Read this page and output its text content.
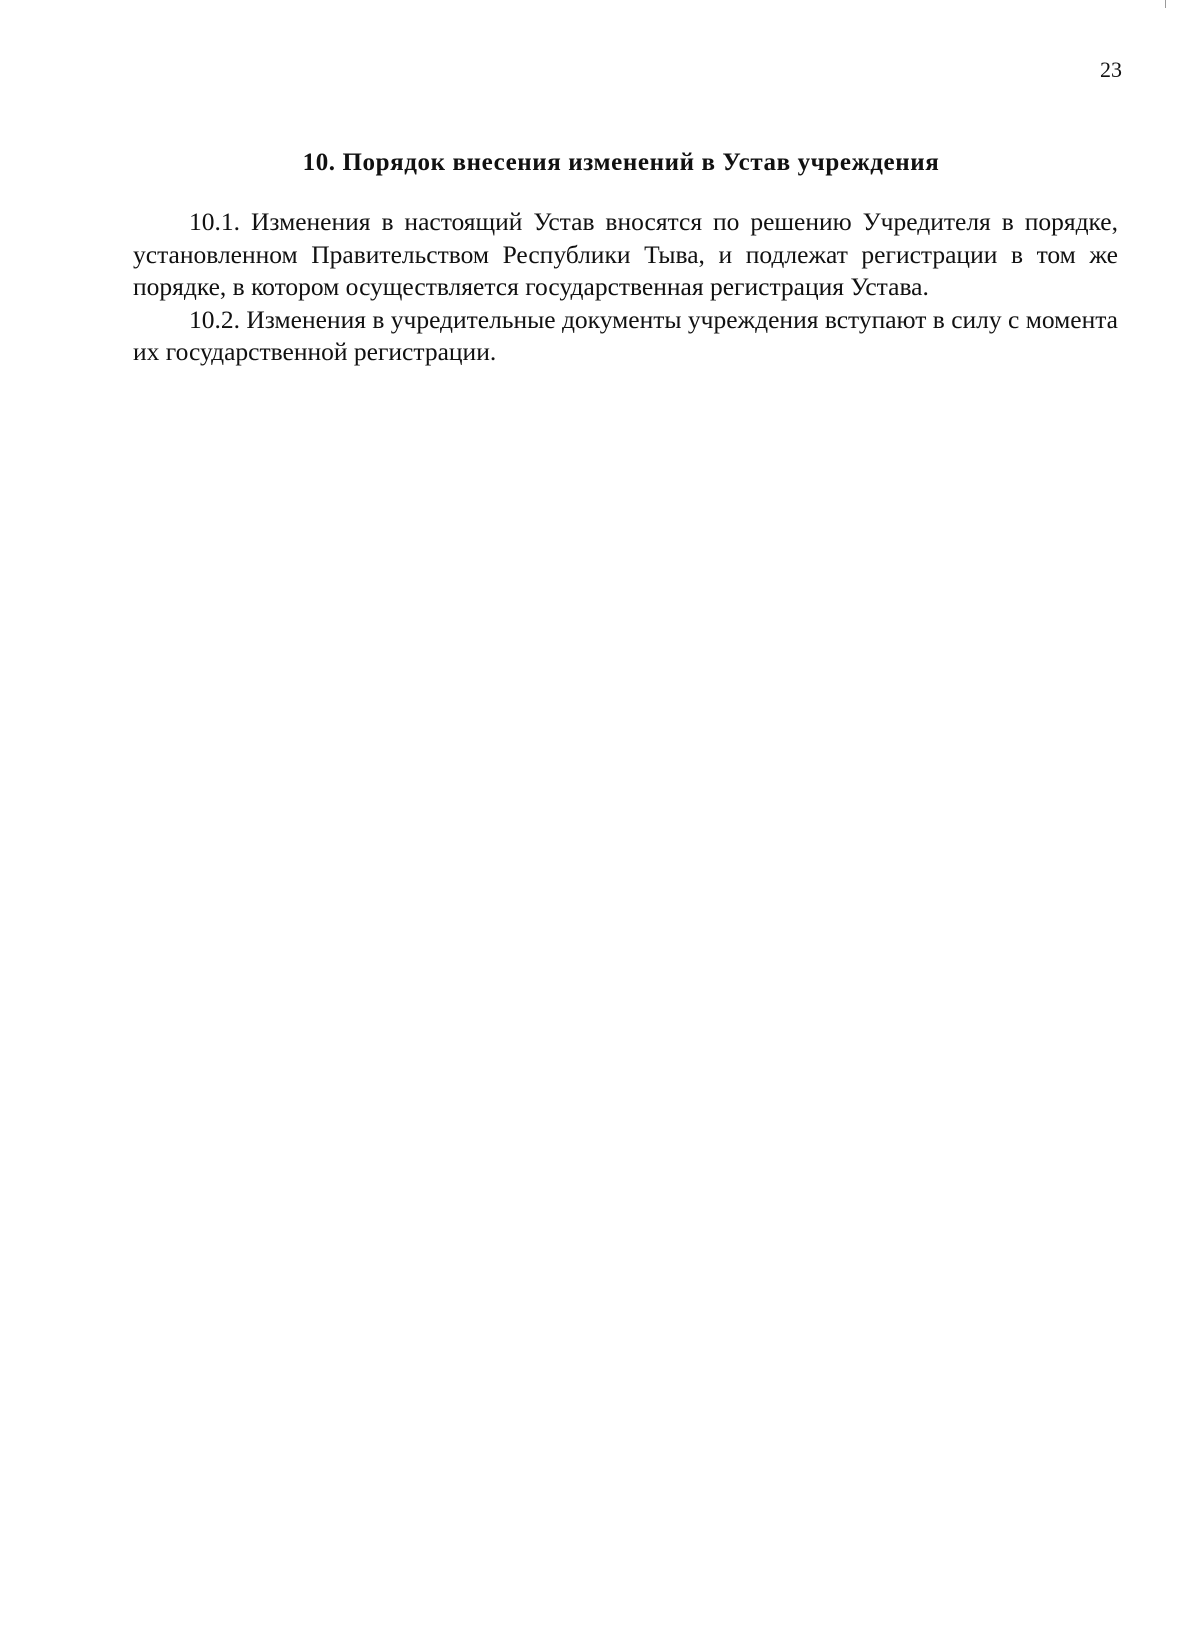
23
10. Порядок внесения изменений в Устав учреждения

10.1. Изменения в настоящий Устав вносятся по решению Учредителя в порядке, установленном Правительством Республики Тыва, и подлежат регистрации в том же порядке, в котором осуществляется государственная регистрация Устава.

10.2. Изменения в учредительные документы учреждения вступают в силу с момента их государственной регистрации.
